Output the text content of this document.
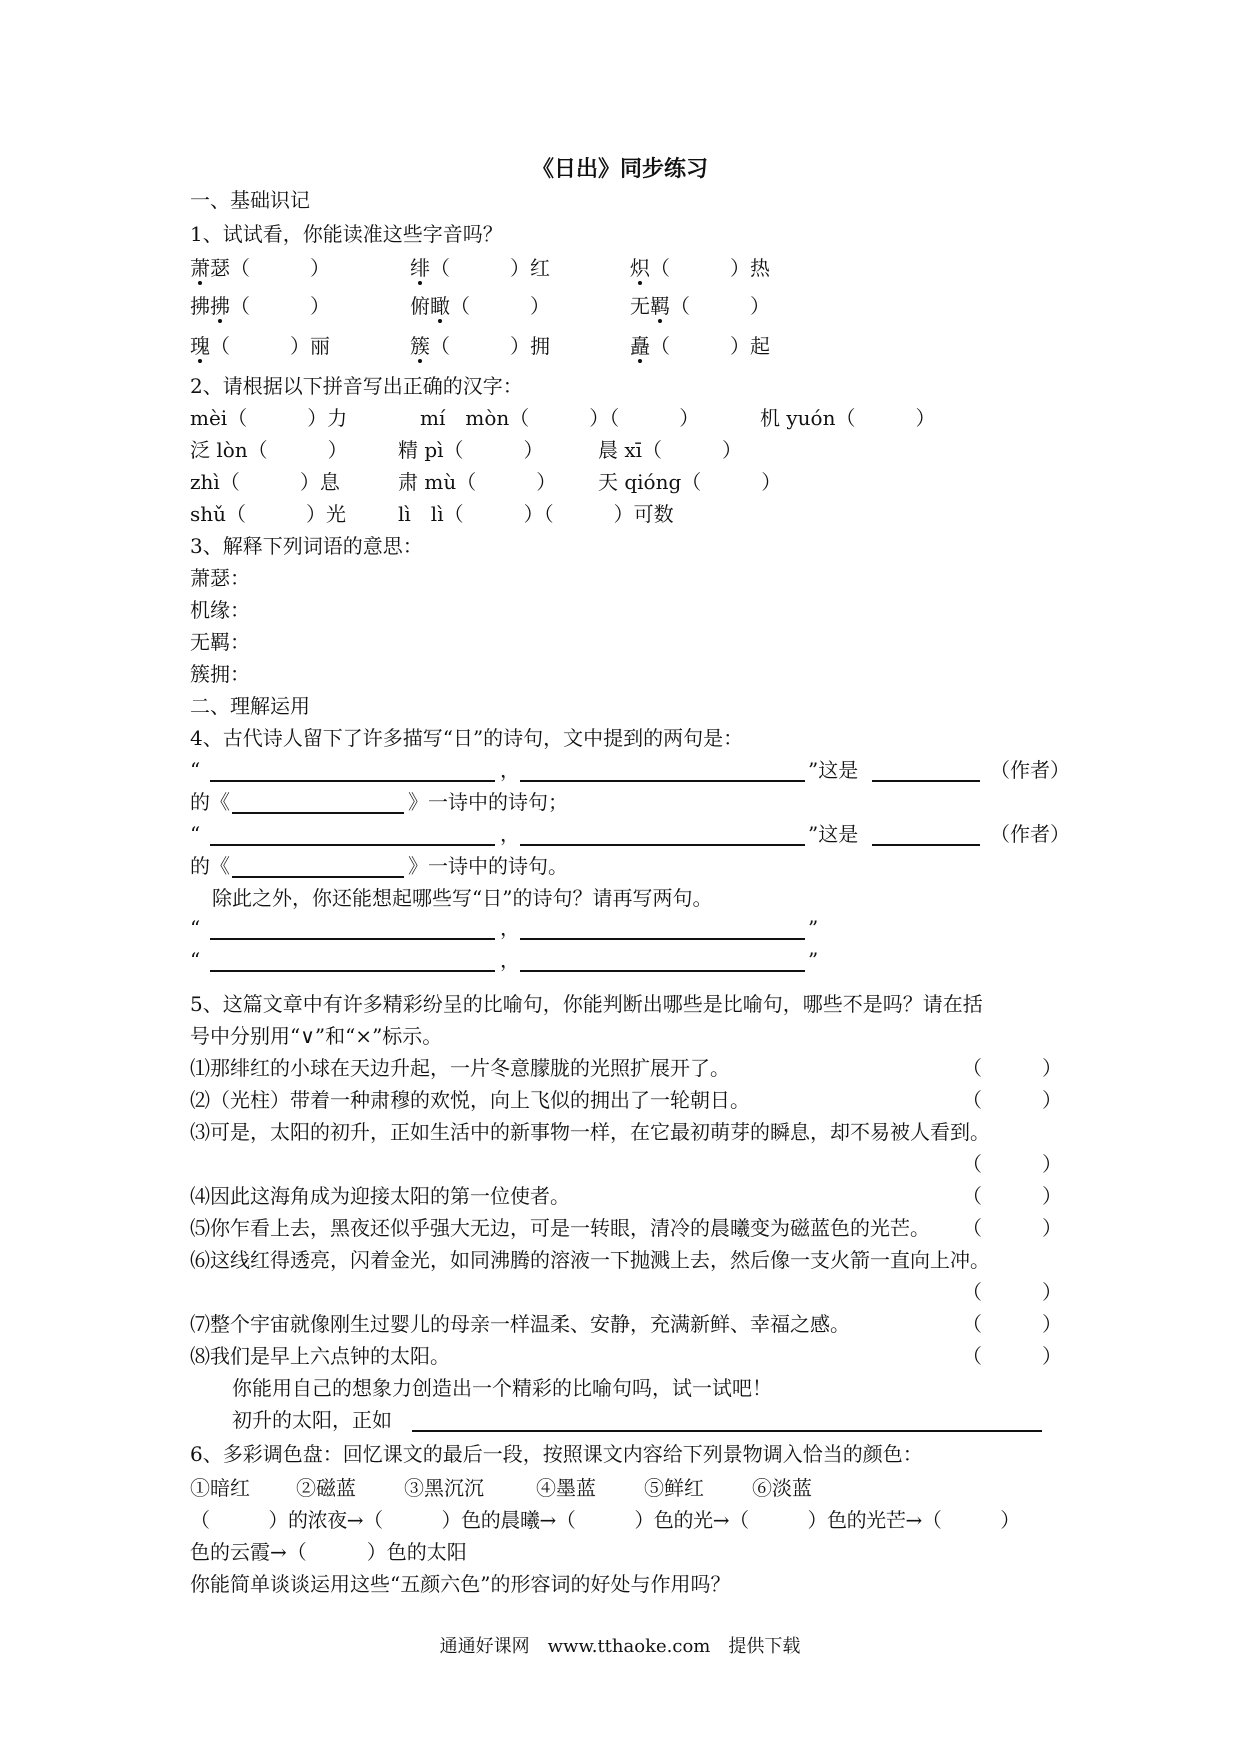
《日出》同步练习
一、基础识记
1、试试看，你能读准这些字音吗？
萧瑟（　　　）	绯（　　　）红	炽（　　　）热
拂拂（　　　）	俯瞰（　　　）	无羁（　　　）
瑰（　　　）丽	簇（　　　）拥	矗（　　　）起
2、请根据以下拼音写出正确的汉字：
mèi（　　　）力	mí　mòn（　　　）（　　　）	机 yuón（　　　）
泛 lòn（　　　）	精 pì（　　　）	晨 xī（　　　）
zhì（　　　）息	肃 mù（　　　） 天 qióng（　　　）
shǔ（　　　）光	lì　lì（　　　）（　　　）可数
3、解释下列词语的意思：
萧瑟：
机缘：
无羁：
簇拥：
二、理解运用
4、古代诗人留下了许多描写“日”的诗句，文中提到的两句是：
“	，	”这是	（作者）
的《	》一诗中的诗句；
“	，	”这是	（作者）
的《	》一诗中的诗句。
除此之外，你还能想起哪些写“日”的诗句？请再写两句。
“	，	”
“	，	”
5、这篇文章中有许多精彩纷呈的比喻句，你能判断出哪些是比喻句，哪些不是吗？请在括
号中分别用“∨”和“×”标示。
⑴那绯红的小球在天边升起，一片冬意朦胧的光照扩展开了。	（　　　）
⑵（光柱）带着一种肃穆的欢悦，向上飞似的拥出了一轮朝日。	（　　　）
⑶可是，太阳的初升，正如生活中的新事物一样，在它最初萌芽的瞬息，却不易被人看到。
（　　　）
⑷因此这海角成为迎接太阳的第一位使者。	（　　　）
⑸你乍看上去，黑夜还似乎强大无边，可是一转眼，清冷的晨曦变为磁蓝色的光芒。 （　　　）
⑹这线红得透亮，闪着金光，如同沸腾的溶液一下抛溅上去，然后像一支火箭一直向上冲。
（　　　）
⑺整个宇宙就像刚生过婴儿的母亲一样温柔、安静，充满新鲜、幸福之感。	（　　　）
⑻我们是早上六点钟的太阳。	（　　　）
你能用自己的想象力创造出一个精彩的比喻句吗，试一试吧！
初升的太阳，正如
6、多彩调色盘：回忆课文的最后一段，按照课文内容给下列景物调入恰当的颜色：
①暗红 ②磁蓝 ③黑沉沉	④墨蓝 ⑤鲜红 ⑥淡蓝
（　　　）的浓夜→（　　　）色的晨曦→（　　　）色的光→（　　　）色的光芒→（　　　）
色的云霞→（　　　）色的太阳
你能简单谈谈运用这些“五颜六色”的形容词的好处与作用吗？
通通好课网　www.tthaoke.com　提供下载
